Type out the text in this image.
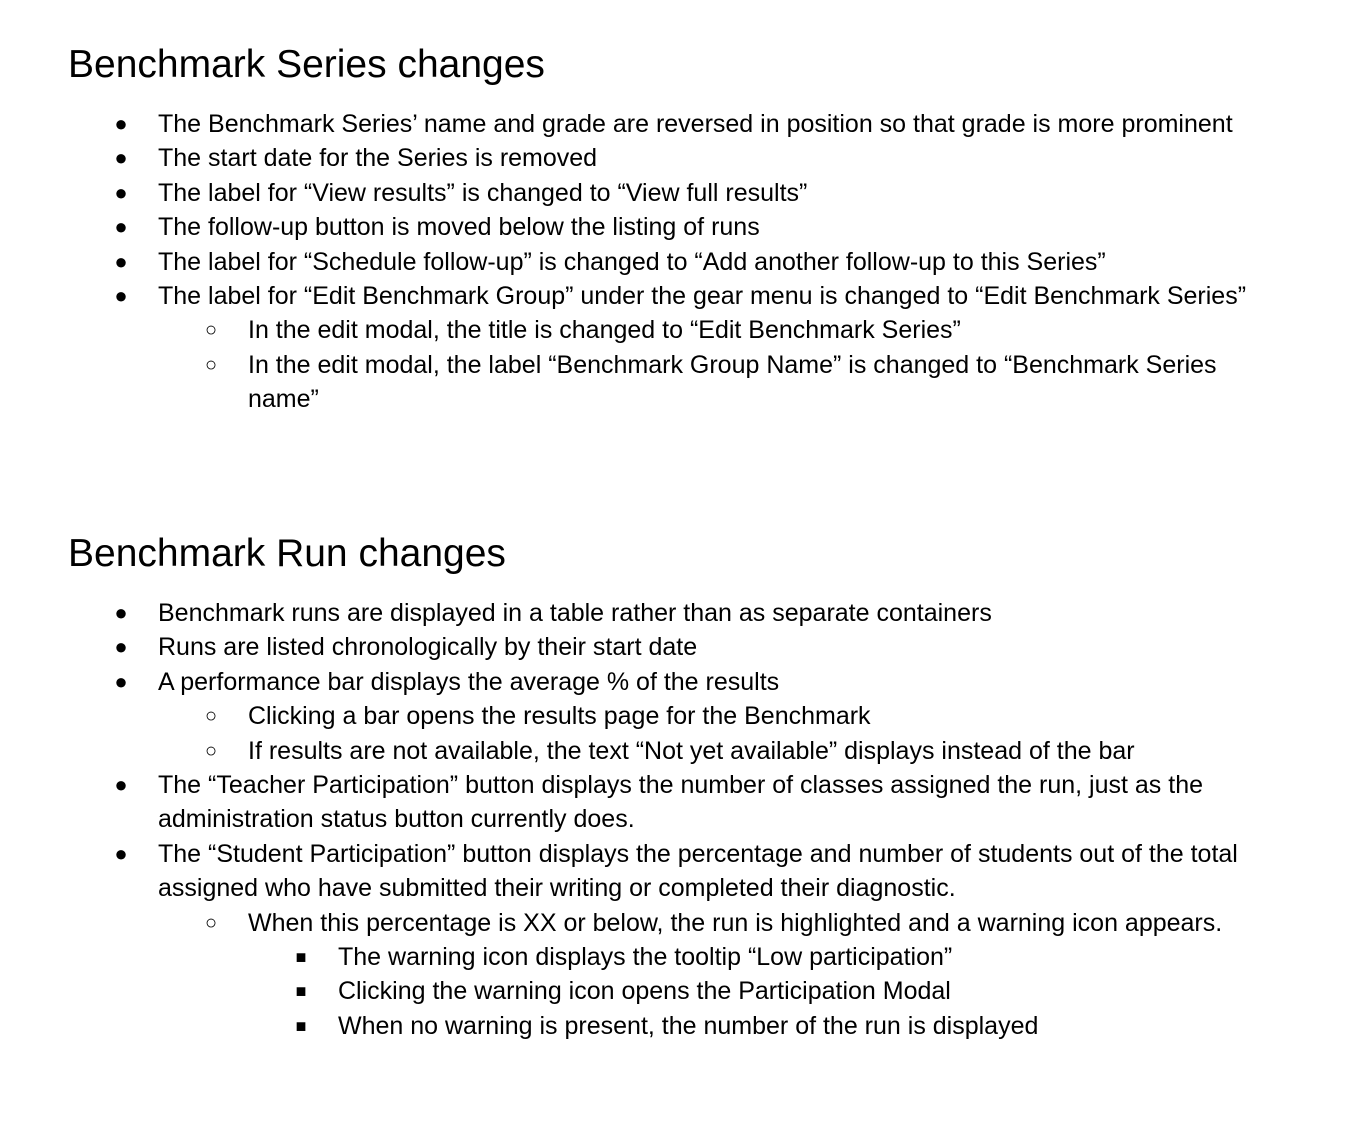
Benchmark Series changes
● The Benchmark Series’ name and grade are reversed in position so that grade is more prominent
● The start date for the Series is removed
● The label for “View results” is changed to “View full results”
● The follow-up button is moved below the listing of runs
● The label for “Schedule follow-up” is changed to “Add another follow-up to this Series”
● The label for “Edit Benchmark Group” under the gear menu is changed to “Edit Benchmark Series”
○ In the edit modal, the title is changed to “Edit Benchmark Series”
○ In the edit modal, the label “Benchmark Group Name” is changed to “Benchmark Series name”
Benchmark Run changes
● Benchmark runs are displayed in a table rather than as separate containers
● Runs are listed chronologically by their start date
● A performance bar displays the average % of the results
○ Clicking a bar opens the results page for the Benchmark
○ If results are not available, the text “Not yet available” displays instead of the bar
● The “Teacher Participation” button displays the number of classes assigned the run, just as the administration status button currently does.
● The “Student Participation” button displays the percentage and number of students out of the total assigned who have submitted their writing or completed their diagnostic.
○ When this percentage is XX or below, the run is highlighted and a warning icon appears.
■ The warning icon displays the tooltip “Low participation”
■ Clicking the warning icon opens the Participation Modal
■ When no warning is present, the number of the run is displayed
